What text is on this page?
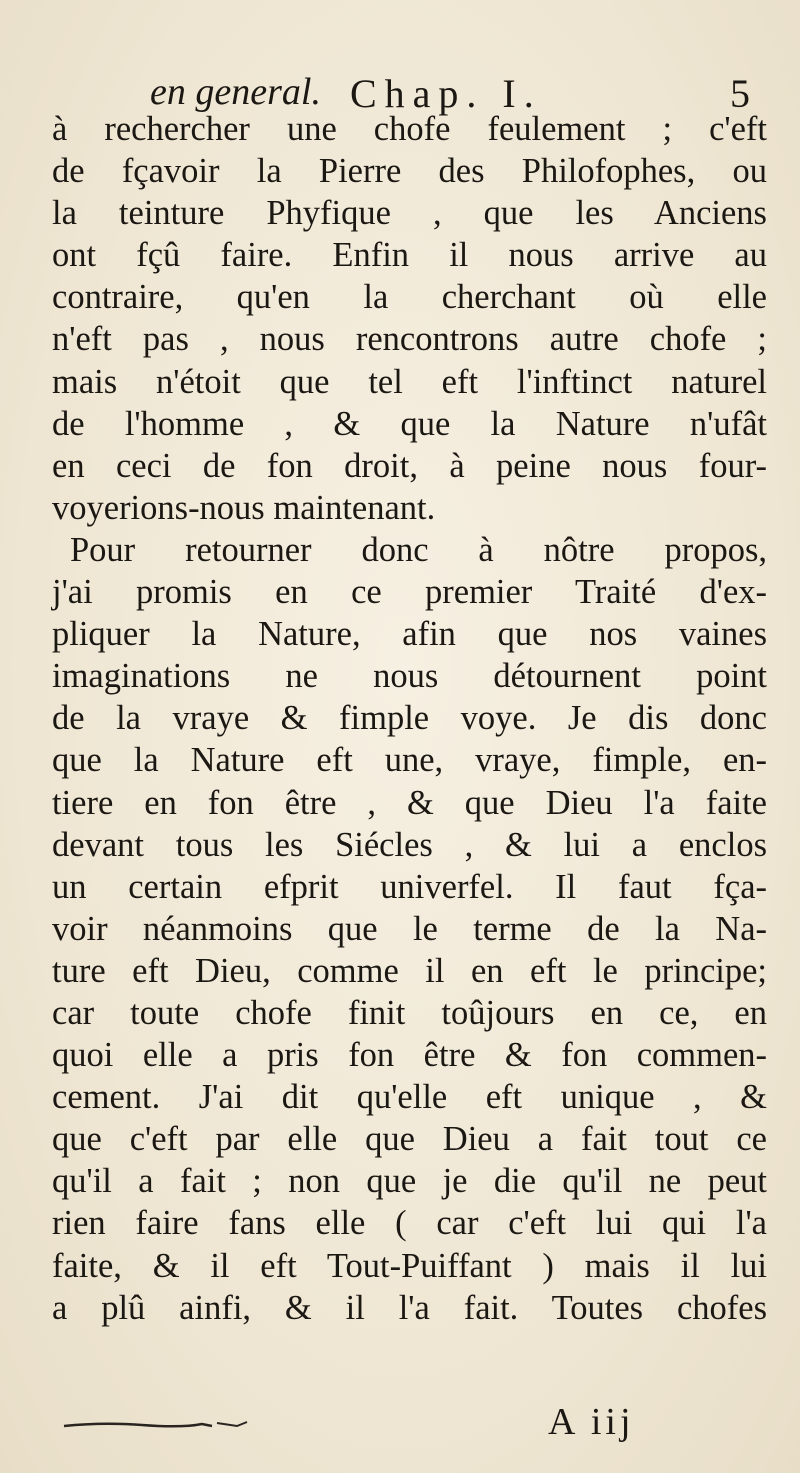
en general. Chap. I.	5
à rechercher une chofe feulement ; c'eft
de fçavoir la Pierre des Philofophes, ou
la teinture Phyfique , que les Anciens
ont fçû faire. Enfin il nous arrive au
contraire, qu'en la cherchant où elle
n'eft pas , nous rencontrons autre chofe ;
mais n'étoit que tel eft l'inftinct naturel
de l'homme , & que la Nature n'ufât
en ceci de fon droit, à peine nous four-
voyerions-nous maintenant.
Pour retourner donc à nôtre propos,
j'ai promis en ce premier Traité d'ex-
pliquer la Nature, afin que nos vaines
imaginations ne nous détournent point
de la vraye & fimple voye. Je dis donc
que la Nature eft une, vraye, fimple, en-
tiere en fon être , & que Dieu l'a faite
devant tous les Siécles , & lui a enclos
un certain efprit univerfel. Il faut fça-
voir néanmoins que le terme de la Na-
ture eft Dieu, comme il en eft le principe;
car toute chofe finit toûjours en ce, en
quoi elle a pris fon être & fon commen-
cement. J'ai dit qu'elle eft unique , &
que c'eft par elle que Dieu a fait tout ce
qu'il a fait ; non que je die qu'il ne peut
rien faire fans elle ( car c'eft lui qui l'a
faite, & il eft Tout-Puiffant ) mais il lui
a plû ainfi, & il l'a fait. Toutes chofes
A iij
